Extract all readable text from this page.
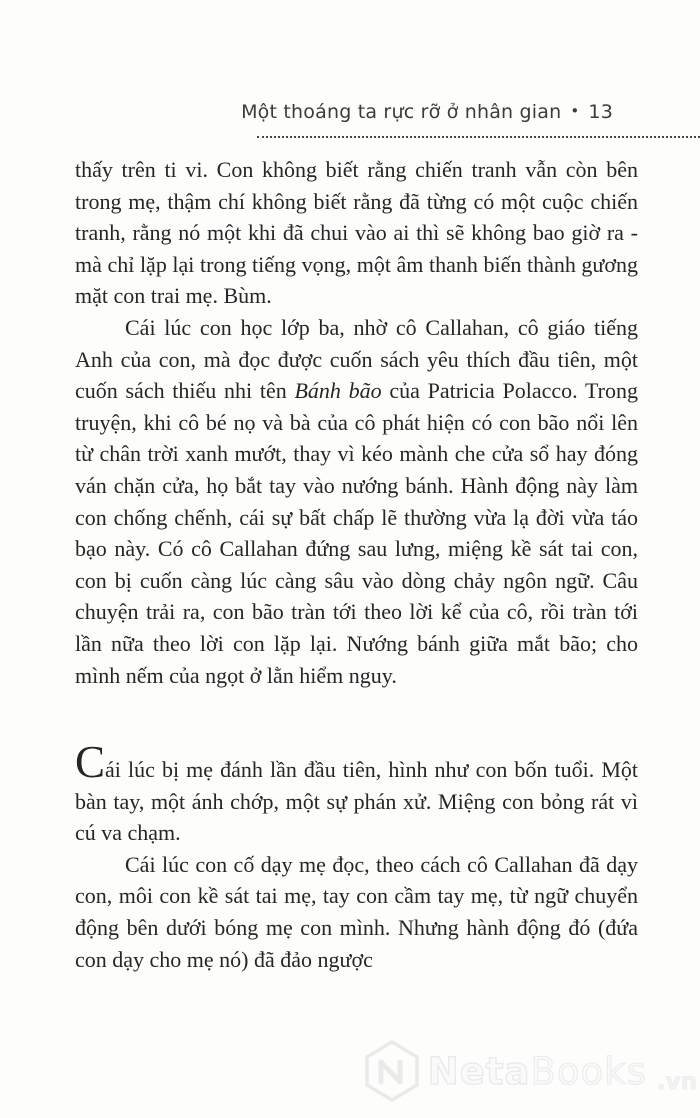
Một thoáng ta rực rỡ ở nhân gian • 13

thấy trên ti vi. Con không biết rằng chiến tranh vẫn còn bên trong mẹ, thậm chí không biết rằng đã từng có một cuộc chiến tranh, rằng nó một khi đã chui vào ai thì sẽ không bao giờ ra - mà chỉ lặp lại trong tiếng vọng, một âm thanh biến thành gương mặt con trai mẹ. Bùm.

Cái lúc con học lớp ba, nhờ cô Callahan, cô giáo tiếng Anh của con, mà đọc được cuốn sách yêu thích đầu tiên, một cuốn sách thiếu nhi tên Bánh bão của Patricia Polacco. Trong truyện, khi cô bé nọ và bà của cô phát hiện có con bão nổi lên từ chân trời xanh mướt, thay vì kéo mành che cửa sổ hay đóng ván chặn cửa, họ bắt tay vào nướng bánh. Hành động này làm con chống chếnh, cái sự bất chấp lẽ thường vừa lạ đời vừa táo bạo này. Có cô Callahan đứng sau lưng, miệng kề sát tai con, con bị cuốn càng lúc càng sâu vào dòng chảy ngôn ngữ. Câu chuyện trải ra, con bão tràn tới theo lời kể của cô, rồi tràn tới lần nữa theo lời con lặp lại. Nướng bánh giữa mắt bão; cho mình nếm của ngọt ở lằn hiểm nguy.

Cái lúc bị mẹ đánh lần đầu tiên, hình như con bốn tuổi. Một bàn tay, một ánh chớp, một sự phán xử. Miệng con bỏng rát vì cú va chạm.

Cái lúc con cố dạy mẹ đọc, theo cách cô Callahan đã dạy con, môi con kề sát tai mẹ, tay con cầm tay mẹ, từ ngữ chuyển động bên dưới bóng mẹ con mình. Nhưng hành động đó (đứa con dạy cho mẹ nó) đã đảo ngược

NetaBooks .vn
